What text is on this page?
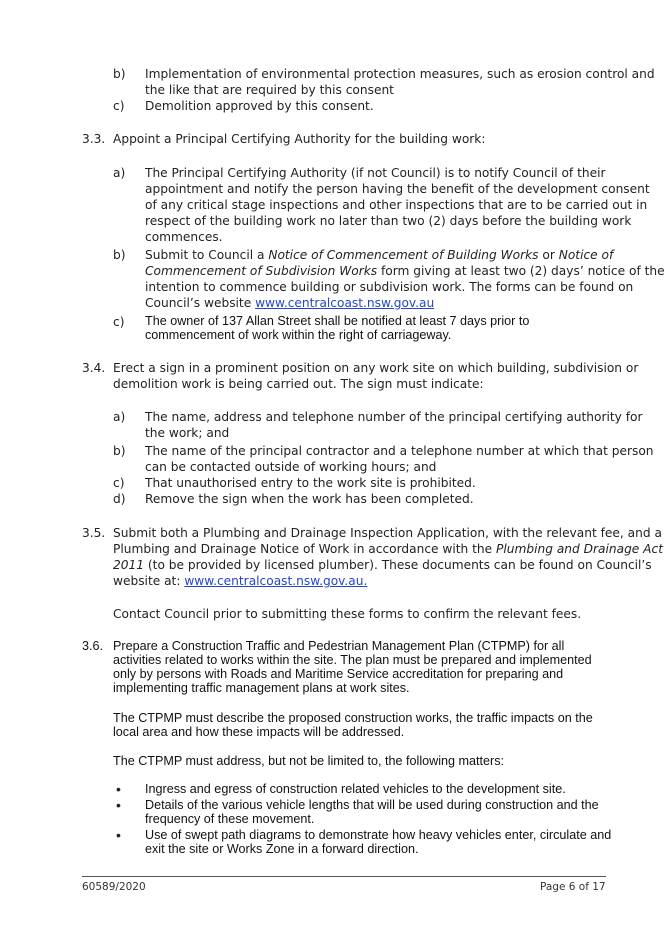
b) Implementation of environmental protection measures, such as erosion control and
the like that are required by this consent
c) Demolition approved by this consent.
3.3. Appoint a Principal Certifying Authority for the building work:
a) The Principal Certifying Authority (if not Council) is to notify Council of their
appointment and notify the person having the benefit of the development consent
of any critical stage inspections and other inspections that are to be carried out in
respect of the building work no later than two (2) days before the building work
commences.
b) Submit to Council a Notice of Commencement of Building Works or Notice of
Commencement of Subdivision Works form giving at least two (2) days’ notice of the
intention to commence building or subdivision work. The forms can be found on
Council’s website www.centralcoast.nsw.gov.au
c) The owner of 137 Allan Street shall be notified at least 7 days prior to
commencement of work within the right of carriageway.
3.4. Erect a sign in a prominent position on any work site on which building, subdivision or
demolition work is being carried out. The sign must indicate:
a) The name, address and telephone number of the principal certifying authority for
the work; and
b) The name of the principal contractor and a telephone number at which that person
can be contacted outside of working hours; and
c) That unauthorised entry to the work site is prohibited.
d) Remove the sign when the work has been completed.
3.5. Submit both a Plumbing and Drainage Inspection Application, with the relevant fee, and a
Plumbing and Drainage Notice of Work in accordance with the Plumbing and Drainage Act
2011 (to be provided by licensed plumber). These documents can be found on Council’s
website at: www.centralcoast.nsw.gov.au.
Contact Council prior to submitting these forms to confirm the relevant fees.
3.6. Prepare a Construction Traffic and Pedestrian Management Plan (CTPMP) for all
activities related to works within the site. The plan must be prepared and implemented
only by persons with Roads and Maritime Service accreditation for preparing and
implementing traffic management plans at work sites.
The CTPMP must describe the proposed construction works, the traffic impacts on the
local area and how these impacts will be addressed.
The CTPMP must address, but not be limited to, the following matters:
• Ingress and egress of construction related vehicles to the development site.
• Details of the various vehicle lengths that will be used during construction and the
frequency of these movement.
• Use of swept path diagrams to demonstrate how heavy vehicles enter, circulate and
exit the site or Works Zone in a forward direction.
60589/2020	Page 6 of 17
